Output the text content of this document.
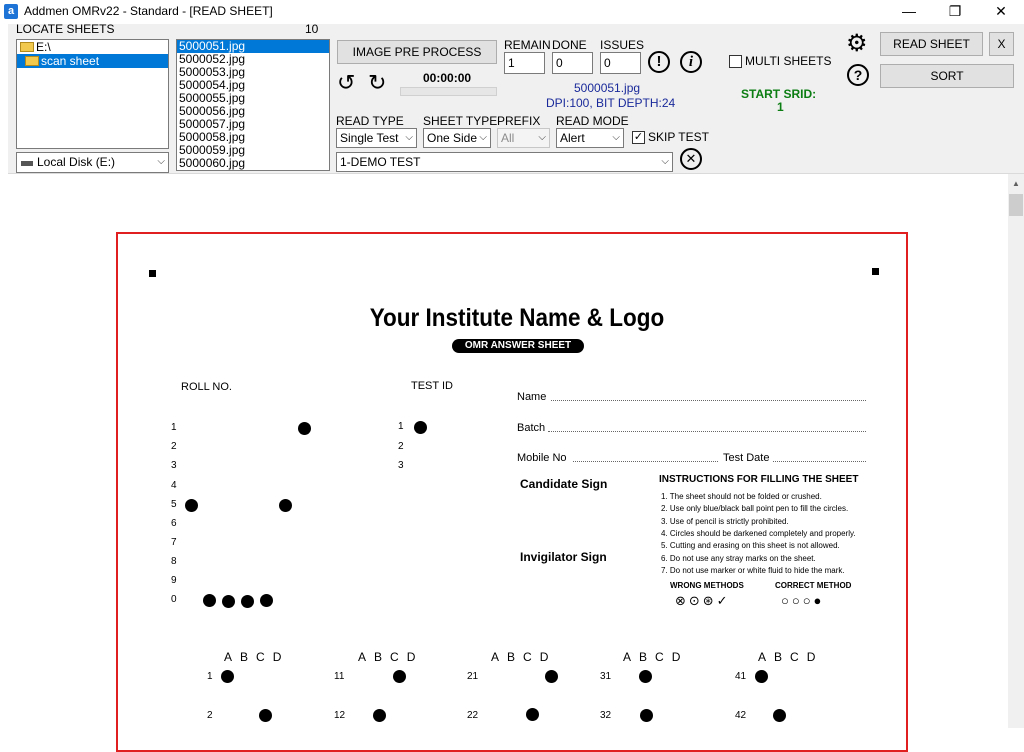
a Addmen OMRv22 - Standard - [READ SHEET]	—	❐	✕
LOCATE SHEETS	10
E:\
scan sheet
Local Disk (E:)	⌵
5000051.jpg
5000052.jpg
5000053.jpg
5000054.jpg
5000055.jpg
5000056.jpg
5000057.jpg
5000058.jpg
5000059.jpg
5000060.jpg
IMAGE PRE PROCESS
↺ ↻	00:00:00
REMAIN
1
DONE
0
ISSUES
0	!	i
5000051.jpg
DPI:100, BIT DEPTH:24
READ TYPE SHEET TYPE PREFIX READ MODE
Single Test ⌵	One Side ⌵	All ⌵	Alert	⌵ ✓ SKIP TEST
1-DEMO TEST	⌵	✕
MULTI SHEETS
START SRID:
1
⚙
?
READ SHEET	X
SORT
▲
Your Institute Name & Logo
OMR ANSWER SHEET
ROLL NO.	TEST ID
1
2
3
4
5
6
7
8
9
0
1
2
3
Name
Batch
Mobile No	Test Date
Candidate Sign
Invigilator Sign
INSTRUCTIONS FOR FILLING THE SHEET
1. The sheet should not be folded or crushed.
2. Use only blue/black ball point pen to fill the circles.
3. Use of pencil is strictly prohibited.
4. Circles should be darkened completely and properly.
5. Cutting and erasing on this sheet is not allowed.
6. Do not use any stray marks on the sheet.
7. Do not use marker or white fluid to hide the mark.
WRONG METHODS	CORRECT METHOD
⊗⊙⊛✓	○○○●
ABCD	ABCD	ABCD	ABCD	ABCD
1	11	21	31	41
2	12	22	32	42
